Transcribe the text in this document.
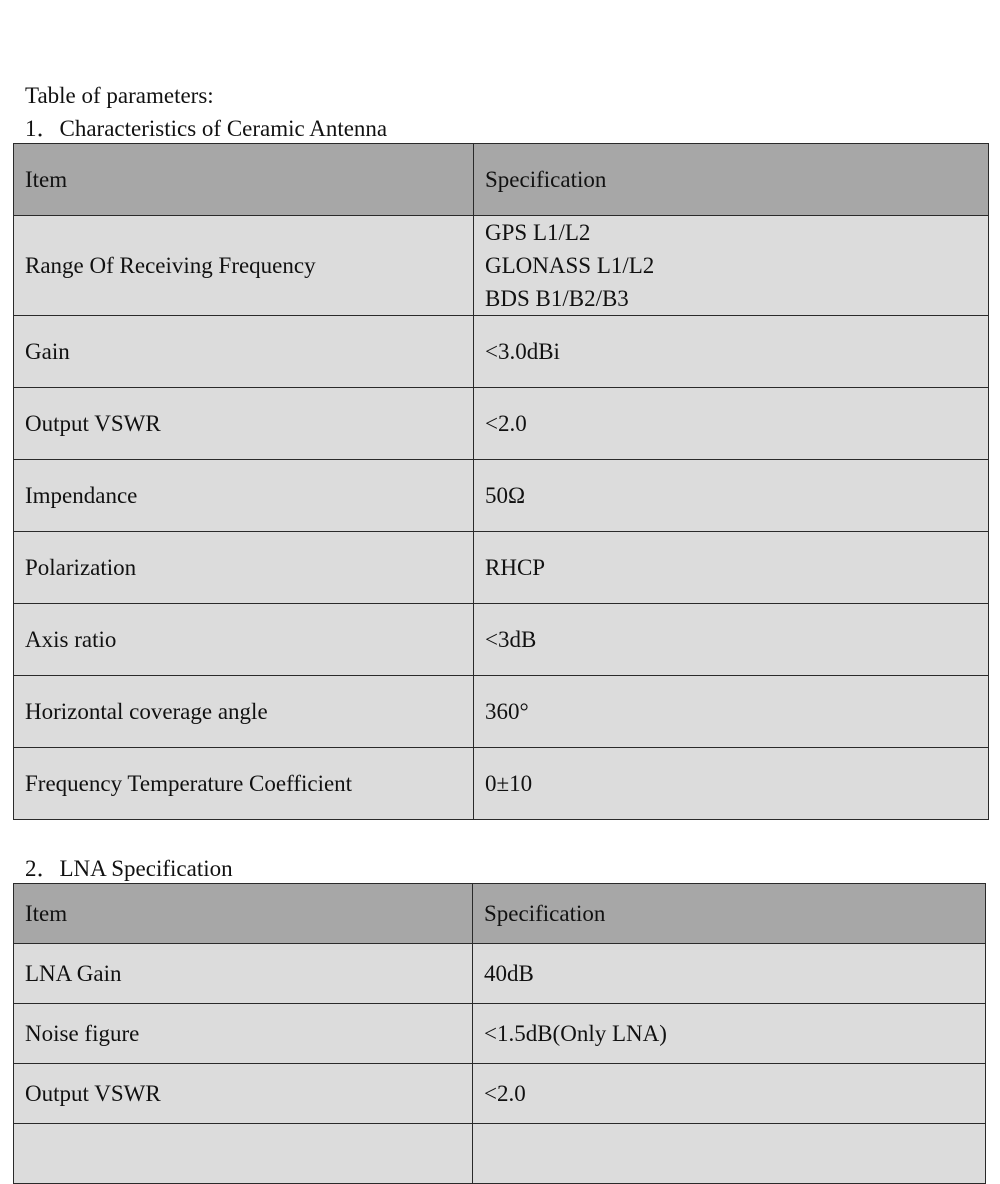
Table of parameters:
1．Characteristics of Ceramic Antenna
Item	Specification
Range Of Receiving Frequency	GPS L1/L2
GLONASS L1/L2
BDS B1/B2/B3

Gain	<3.0dBi

Output VSWR	<2.0

Impendance	50Ω

Polarization	RHCP

Axis ratio	<3dB

Horizontal coverage angle	360°

Frequency Temperature Coefficient	0±10
2．LNA Specification
Item	Specification
LNA Gain	40dB

Noise figure	<1.5dB(Only LNA)

Output VSWR	<2.0
